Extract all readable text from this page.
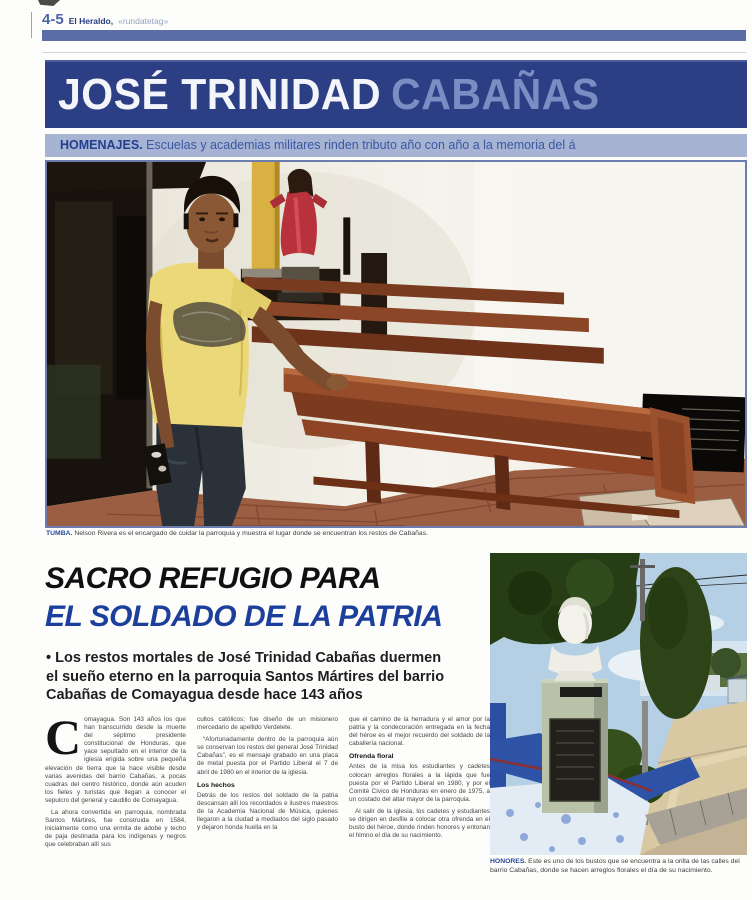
4-5 El Heraldo, «rundatetag»
JOSÉ TRINIDAD CABAÑAS
HOMENAJES. Escuelas y academias militares rinden tributo año con año a la memoria del á
TUMBA. Nelson Rivera es el encargado de cuidar la parroquia y muestra el lugar donde se encuentran los restos de Cabañas.
SACRO REFUGIO PARA
EL SOLDADO DE LA PATRIA
• Los restos mortales de José Trinidad Cabañas duermen
el sueño eterno en la parroquia Santos Mártires del barrio
Cabañas de Comayagua desde hace 143 años

Comayagua. Son 143 años los que han transcurrido desde la muerte del séptimo presidente constitucional de Honduras, que yace sepultado en el interior de la iglesia erigida sobre una pequeña elevación de tierra que la hace visible desde varias avenidas del barrio Cabañas, a pocas cuadras del centro histórico, donde aún acuden los fieles y turistas que llegan a conocer el sepulcro del general y caudillo de Comayagua.

La ahora convertida en parroquia, nombrada Santos Mártires, fue construida en 1584, inicialmente como una ermita de adobe y techo de paja destinada para los indígenas y negros que celebraban allí sus

cultos católicos; fue diseño de un misionero mercedario de apellido Verdelete.

“Afortunadamente dentro de la parroquia aún se conservan los restos del general José Trinidad Cabañas”, es el mensaje grabado en una placa de metal puesta por el Partido Liberal el 7 de abril de 1980 en el interior de la iglesia.

Los hechos

Detrás de los restos del soldado de la patria descansan allí los recordados e ilustres maestros de la Academia Nacional de Música, quienes llegaron a la ciudad a mediados del siglo pasado y dejaron honda huella en la

que el camino de la herradura y el amor por la patria y la condecoración entregada en la fecha del héroe es el mejor recuerdo del soldado de la caballería nacional.

Ofrenda floral

Antes de la misa los estudiantes y cadetes colocan arreglos florales a la lápida que fue puesta por el Partido Liberal en 1980, y por el Comité Cívico de Honduras en enero de 1975, a un costado del altar mayor de la parroquia.

Al salir de la iglesia, los cadetes y estudiantes se dirigen en desfile a colocar otra ofrenda en el busto del héroe, donde rinden honores y entonan el himno el día de su nacimiento.

HONORES. Este es uno de los bustos que se encuentra a la orilla de las calles del barrio Cabañas, donde se hacen arreglos florales el día de su nacimiento.
